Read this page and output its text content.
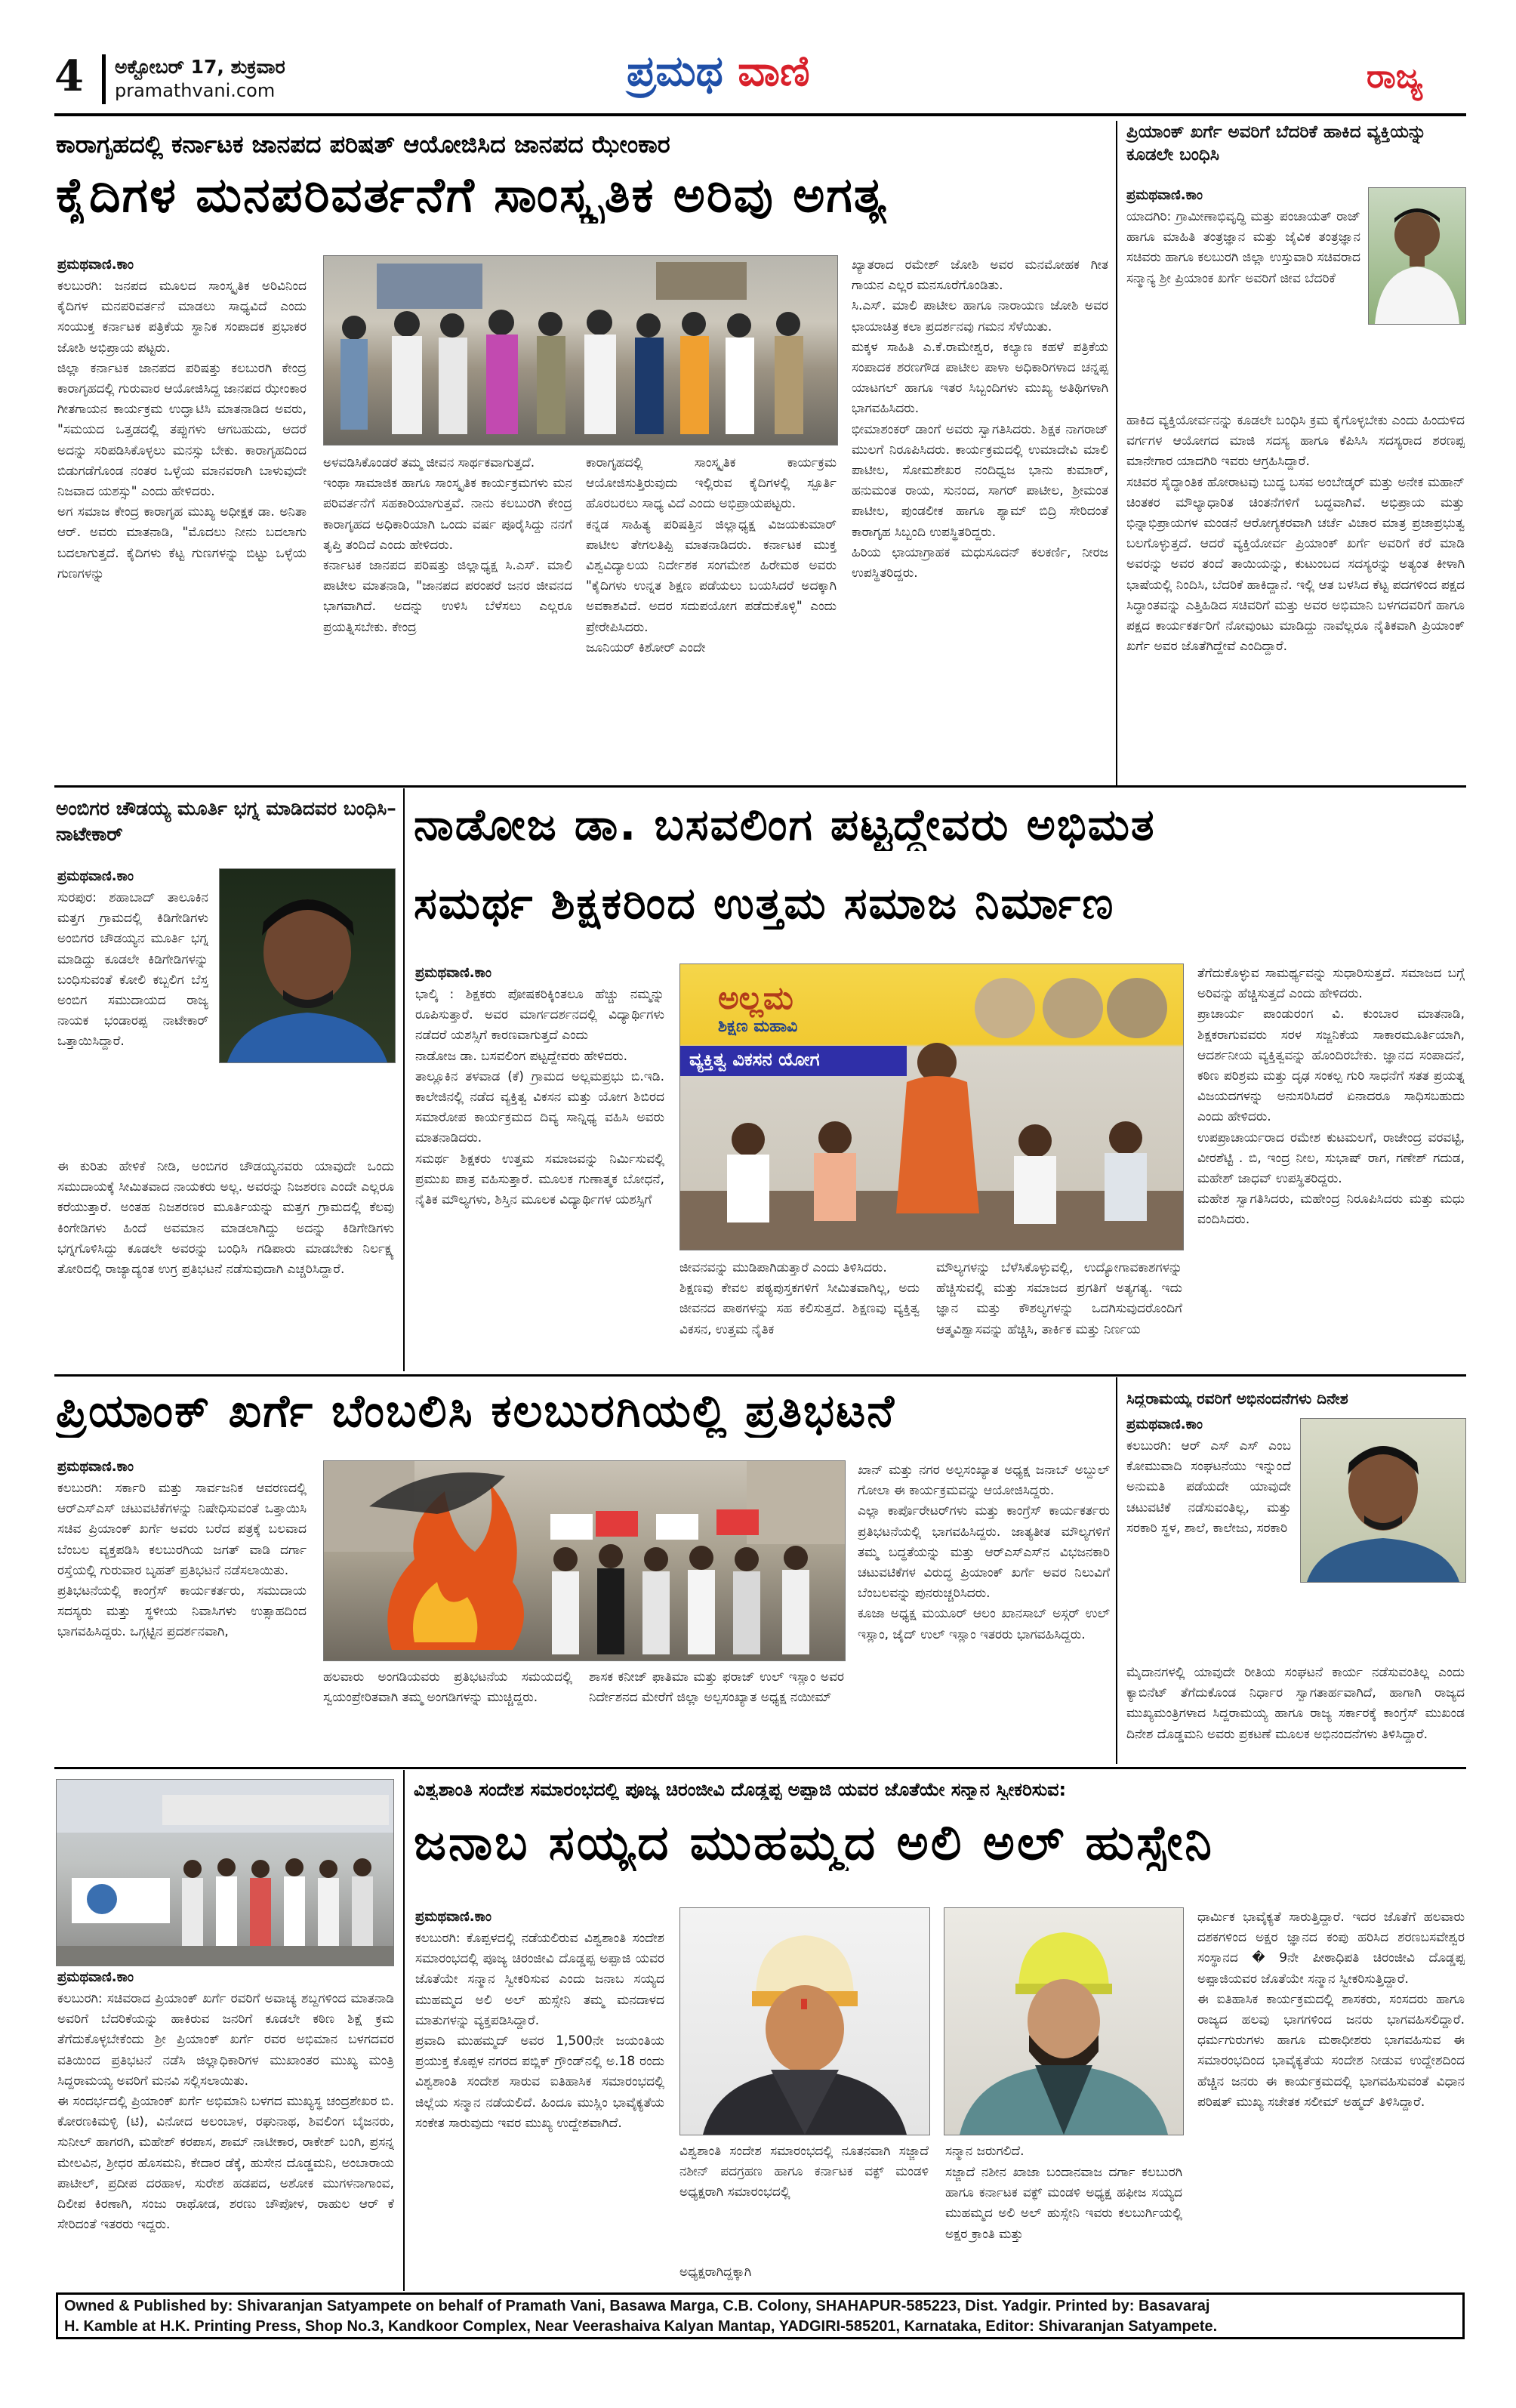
4 ಅಕ್ಟೋಬರ್ 17, ಶುಕ್ರವಾರ
pramathvani.com	ಪ್ರಮಥ ವಾಣಿ	ರಾಜ್ಯ
ಕಾರಾಗೃಹದಲ್ಲಿ ಕರ್ನಾಟಕ ಜಾನಪದ ಪರಿಷತ್ ಆಯೋಜಿಸಿದ ಜಾನಪದ ಝೇಂಕಾರ
ಕೈದಿಗಳ ಮನಪರಿವರ್ತನೆಗೆ ಸಾಂಸ್ಕೃತಿಕ ಅರಿವು ಅಗತ್ಯ
ಪ್ರಮಥವಾಣಿ.ಕಾಂ
ಕಲಬುರಗಿ: ಜನಪದ ಮೂಲದ ಸಾಂಸ್ಕೃತಿಕ ಅರಿವಿನಿಂದ ಕೈದಿಗಳ ಮನಪರಿವರ್ತನೆ ಮಾಡಲು ಸಾಧ್ಯವಿದೆ ಎಂದು ಸಂಯುಕ್ತ ಕರ್ನಾಟಕ ಪತ್ರಿಕೆಯ ಸ್ಥಾನಿಕ ಸಂಪಾದಕ ಪ್ರಭಾಕರ ಜೋಶಿ ಅಭಿಪ್ರಾಯ ಪಟ್ಟರು.
ಜಿಲ್ಲಾ ಕರ್ನಾಟಕ ಜಾನಪದ ಪರಿಷತ್ತು ಕಲಬುರಗಿ ಕೇಂದ್ರ ಕಾರಾಗೃಹದಲ್ಲಿ ಗುರುವಾರ ಆಯೋಜಿಸಿದ್ದ ಜಾನಪದ ಝೇಂಕಾರ ಗೀತಗಾಯನ ಕಾರ್ಯಕ್ರಮ ಉದ್ಘಾಟಿಸಿ ಮಾತನಾಡಿದ ಅವರು, "ಸಮಯದ ಒತ್ತಡದಲ್ಲಿ ತಪ್ಪುಗಳು ಆಗಬಹುದು, ಆದರೆ ಅದನ್ನು ಸರಿಪಡಿಸಿಕೊಳ್ಳಲು ಮನಸ್ಸು ಬೇಕು. ಕಾರಾಗೃಹದಿಂದ ಬಿಡುಗಡೆಗೊಂಡ ನಂತರ ಒಳ್ಳೆಯ ಮಾನವರಾಗಿ ಬಾಳುವುದೇ ನಿಜವಾದ ಯಶಸ್ಸು" ಎಂದು ಹೇಳಿದರು.
ಅಗ ಸಮಾಜ ಕೇಂದ್ರ ಕಾರಾಗೃಹ ಮುಖ್ಯ ಅಧೀಕ್ಷಕ ಡಾ. ಅನಿತಾ ಆರ್. ಅವರು ಮಾತನಾಡಿ, "ಮೊದಲು ನೀನು ಬದಲಾಗು ಬದಲಾಗುತ್ತದೆ. ಕೈದಿಗಳು ಕೆಟ್ಟ ಗುಣಗಳನ್ನು ಬಿಟ್ಟು ಒಳ್ಳೆಯ ಗುಣಗಳನ್ನು
ಅಳವಡಿಸಿಕೊಂಡರೆ ತಮ್ಮ ಜೀವನ ಸಾರ್ಥಕವಾಗುತ್ತದೆ.
ಇಂಥಾ ಸಾಮಾಜಿಕ ಹಾಗೂ ಸಾಂಸ್ಕೃತಿಕ ಕಾರ್ಯಕ್ರಮಗಳು ಮನ ಪರಿವರ್ತನೆಗೆ ಸಹಕಾರಿಯಾಗುತ್ತವೆ. ನಾನು ಕಲಬುರಗಿ ಕೇಂದ್ರ ಕಾರಾಗೃಹದ ಅಧಿಕಾರಿಯಾಗಿ ಒಂದು ವರ್ಷ ಪೂರೈಸಿದ್ದು ನನಗೆ ತೃಪ್ತಿ ತಂದಿದೆ ಎಂದು ಹೇಳಿದರು.
ಕರ್ನಾಟಕ ಜಾನಪದ ಪರಿಷತ್ತು ಜಿಲ್ಲಾಧ್ಯಕ್ಷ ಸಿ.ಎಸ್. ಮಾಲಿ ಪಾಟೀಲ ಮಾತನಾಡಿ, "ಜಾನಪದ ಪರಂಪರೆ ಜನರ ಜೀವನದ ಭಾಗವಾಗಿದೆ. ಅದನ್ನು ಉಳಿಸಿ ಬೆಳೆಸಲು ಎಲ್ಲರೂ ಪ್ರಯತ್ನಿಸಬೇಕು. ಕೇಂದ್ರ
ಕಾರಾಗೃಹದಲ್ಲಿ ಸಾಂಸ್ಕೃತಿಕ ಕಾರ್ಯಕ್ರಮ ಆಯೋಜಿಸುತ್ತಿರುವುದು ಇಲ್ಲಿರುವ ಕೈದಿಗಳಲ್ಲಿ ಸ್ಪೂರ್ತಿ ಹೊರಬರಲು ಸಾಧ್ಯ ವಿದೆ ಎಂದು ಅಭಿಪ್ರಾಯಪಟ್ಟರು.
ಕನ್ನಡ ಸಾಹಿತ್ಯ ಪರಿಷತ್ತಿನ ಜಿಲ್ಲಾಧ್ಯಕ್ಷ ವಿಜಯಕುಮಾರ್ ಪಾಟೀಲ ತೇಗಲತಿಪ್ಪಿ ಮಾತನಾಡಿದರು. ಕರ್ನಾಟಕ ಮುಕ್ತ ವಿಶ್ವವಿದ್ಯಾಲಯ ನಿರ್ದೇಶಕ ಸಂಗಮೇಶ ಹಿರೇಮಠ ಅವರು "ಕೈದಿಗಳು ಉನ್ನತ ಶಿಕ್ಷಣ ಪಡೆಯಲು ಬಯಸಿದರೆ ಅದಕ್ಕಾಗಿ ಅವಕಾಶವಿದೆ. ಅದರ ಸದುಪಯೋಗ ಪಡೆದುಕೊಳ್ಳಿ" ಎಂದು ಪ್ರೇರೇಪಿಸಿದರು.
ಜೂನಿಯರ್ ಕಿಶೋರ್ ಎಂದೇ
ಖ್ಯಾತರಾದ ರಮೇಶ್ ಜೋಶಿ ಅವರ ಮನಮೋಹಕ ಗೀತ ಗಾಯನ ಎಲ್ಲರ ಮನಸೂರೆಗೊಂಡಿತು.
ಸಿ.ಎಸ್. ಮಾಲಿ ಪಾಟೀಲ ಹಾಗೂ ನಾರಾಯಣ ಜೋಶಿ ಅವರ ಛಾಯಾಚಿತ್ರ ಕಲಾ ಪ್ರದರ್ಶನವು ಗಮನ ಸೆಳೆಯಿತು.
ಮಕ್ಕಳ ಸಾಹಿತಿ ಎ.ಕೆ.ರಾಮೇಶ್ವರ, ಕಲ್ಯಾಣ ಕಹಳೆ ಪತ್ರಿಕೆಯ ಸಂಪಾದಕ ಶರಣಗೌಡ ಪಾಟೀಲ ಪಾಳಾ ಅಧಿಕಾರಿಗಳಾದ ಚನ್ನಪ್ಪ ಯಾಟಗಲ್ ಹಾಗೂ ಇತರ ಸಿಬ್ಬಂದಿಗಳು ಮುಖ್ಯ ಅತಿಥಿಗಳಾಗಿ ಭಾಗವಹಿಸಿದರು.
ಭೀಮಾಶಂಕರ್ ಡಾಂಗೆ ಅವರು ಸ್ವಾಗತಿಸಿದರು. ಶಿಕ್ಷಕ ನಾಗರಾಜ್ ಮುಲಗೆ ನಿರೂಪಿಸಿದರು. ಕಾರ್ಯಕ್ರಮದಲ್ಲಿ ಉಮಾದೇವಿ ಮಾಲಿ ಪಾಟೀಲ, ಸೋಮಶೇಖರ ನಂದಿಧ್ವಜ ಭಾನು ಕುಮಾರ್, ಹನುಮಂತ ರಾಯ, ಸುನಂದ, ಸಾಗರ್ ಪಾಟೀಲ, ಶ್ರೀಮಂತ ಪಾಟೀಲ, ಪುಂಡಲೀಕ ಹಾಗೂ ಶ್ಯಾಮ್ ಬಿದ್ರಿ ಸೇರಿದಂತೆ ಕಾರಾಗೃಹ ಸಿಬ್ಬಂದಿ ಉಪಸ್ಥಿತರಿದ್ದರು.
ಹಿರಿಯ ಛಾಯಾಗ್ರಾಹಕ ಮಧುಸೂದನ್ ಕಲಕರ್ಣಿ, ನೀರಜ ಉಪಸ್ಥಿತರಿದ್ದರು.
ಪ್ರಿಯಾಂಕ್ ಖರ್ಗೆ ಅವರಿಗೆ ಬೆದರಿಕೆ ಹಾಕಿದ ವ್ಯಕ್ತಿಯನ್ನು ಕೂಡಲೇ ಬಂಧಿಸಿ
ಪ್ರಮಥವಾಣಿ.ಕಾಂ
ಯಾದಗಿರಿ: ಗ್ರಾಮೀಣಾಭಿವೃದ್ಧಿ ಮತ್ತು ಪಂಚಾಯತ್ ರಾಜ್ ಹಾಗೂ ಮಾಹಿತಿ ತಂತ್ರಜ್ಞಾನ ಮತ್ತು ಜೈವಿಕ ತಂತ್ರಜ್ಞಾನ ಸಚಿವರು ಹಾಗೂ ಕಲಬುರಗಿ ಜಿಲ್ಲಾ ಉಸ್ತುವಾರಿ ಸಚಿವರಾದ ಸನ್ಮಾನ್ಯ ಶ್ರೀ ಪ್ರಿಯಾಂಕ ಖರ್ಗೆ ಅವರಿಗೆ ಜೀವ ಬೆದರಿಕೆ
ಹಾಕಿದ ವ್ಯಕ್ತಿಯೋರ್ವನನ್ನು ಕೂಡಲೇ ಬಂಧಿಸಿ ಕ್ರಮ ಕೈಗೊಳ್ಳಬೇಕು ಎಂದು ಹಿಂದುಳಿದ ವರ್ಗಗಳ ಆಯೋಗದ ಮಾಜಿ ಸದಸ್ಯ ಹಾಗೂ ಕೆಪಿಸಿಸಿ ಸದಸ್ಯರಾದ ಶರಣಪ್ಪ ಮಾನೇಗಾರ ಯಾದಗಿರಿ ಇವರು ಆಗ್ರಹಿಸಿದ್ದಾರೆ.
ಸಚಿವರ ಸೈದ್ಧಾಂತಿಕ ಹೋರಾಟವು ಬುದ್ಧ ಬಸವ ಅಂಬೇಡ್ಕರ್ ಮತ್ತು ಅನೇಕ ಮಹಾನ್ ಚಿಂತಕರ ಮೌಲ್ಯಾಧಾರಿತ ಚಿಂತನೆಗಳಿಗೆ ಬದ್ಧವಾಗಿವೆ. ಅಭಿಪ್ರಾಯ ಮತ್ತು ಭಿನ್ನಾಭಿಪ್ರಾಯಗಳ ಮಂಡನೆ ಆರೋಗ್ಯಕರವಾಗಿ ಚರ್ಚೆ ವಿಚಾರ ಮಾತ್ರ ಪ್ರಜಾಪ್ರಭುತ್ವ ಬಲಗೊಳ್ಳುತ್ತದೆ. ಆದರೆ ವ್ಯಕ್ತಿಯೋರ್ವ ಪ್ರಿಯಾಂಕ್ ಖರ್ಗೆ ಅವರಿಗೆ ಕರೆ ಮಾಡಿ ಅವರನ್ನು ಅವರ ತಂದೆ ತಾಯಿಯನ್ನು, ಕುಟುಂಬದ ಸದಸ್ಯರನ್ನು ಅತ್ಯಂತ ಕೀಳಾಗಿ ಭಾಷೆಯಲ್ಲಿ ನಿಂದಿಸಿ, ಬೆದರಿಕೆ ಹಾಕಿದ್ದಾನೆ. ಇಲ್ಲಿ ಆತ ಬಳಸಿದ ಕೆಟ್ಟ ಪದಗಳಿಂದ ಪಕ್ಷದ ಸಿದ್ಧಾಂತವನ್ನು ಎತ್ತಿಹಿಡಿದ ಸಚಿವರಿಗೆ ಮತ್ತು ಅವರ ಅಭಿಮಾನಿ ಬಳಗದವರಿಗೆ ಹಾಗೂ ಪಕ್ಷದ ಕಾರ್ಯಕರ್ತರಿಗೆ ನೋವುಂಟು ಮಾಡಿದ್ದು ನಾವೆಲ್ಲರೂ ನೈತಿಕವಾಗಿ ಪ್ರಿಯಾಂಕ್ ಖರ್ಗೆ ಅವರ ಜೊತೆಗಿದ್ದೇವೆ ಎಂದಿದ್ದಾರೆ.
ಅಂಬಿಗರ ಚೌಡಯ್ಯ ಮೂರ್ತಿ ಭಗ್ನ ಮಾಡಿದವರ ಬಂಧಿಸಿ–ನಾಟೇಕಾರ್
ಪ್ರಮಥವಾಣಿ.ಕಾಂ
ಸುರಪುರ: ಶಹಾಬಾದ್ ತಾಲೂಕಿನ ಮತ್ತಗ ಗ್ರಾಮದಲ್ಲಿ ಕಿಡಿಗೇಡಿಗಳು ಅಂಬಿಗರ ಚೌಡಯ್ಯನ ಮೂರ್ತಿ ಭಗ್ನ ಮಾಡಿದ್ದು ಕೂಡಲೇ ಕಿಡಿಗೇಡಿಗಳನ್ನು ಬಂಧಿಸುವಂತೆ ಕೋಲಿ ಕಬ್ಬಲಿಗ ಬೆಸ್ತ ಅಂಬಿಗ ಸಮುದಾಯದ ರಾಜ್ಯ ನಾಯಕ ಭಂಡಾರಪ್ಪ ನಾಟೇಕಾರ್ ಒತ್ತಾಯಿಸಿದ್ದಾರೆ.
ಈ ಕುರಿತು ಹೇಳಿಕೆ ನೀಡಿ, ಅಂಬಿಗರ ಚೌಡಯ್ಯನವರು ಯಾವುದೇ ಒಂದು ಸಮುದಾಯಕ್ಕೆ ಸೀಮಿತವಾದ ನಾಯಕರು ಅಲ್ಲ. ಅವರನ್ನು ನಿಜಶರಣ ಎಂದೇ ಎಲ್ಲರೂ ಕರೆಯುತ್ತಾರೆ. ಅಂತಹ ನಿಜಶರಣರ ಮೂರ್ತಿಯನ್ನು ಮತ್ತಗ ಗ್ರಾಮದಲ್ಲಿ ಕೆಲವು ಕಿಂಗೇಡಿಗಳು ಹಿಂದೆ ಅವಮಾನ ಮಾಡಲಾಗಿದ್ದು ಅದನ್ನು ಕಿಡಿಗೇಡಿಗಳು ಭಗ್ನಗೊಳಿಸಿದ್ದು ಕೂಡಲೇ ಅವರನ್ನು ಬಂಧಿಸಿ ಗಡಿಪಾರು ಮಾಡಬೇಕು ನಿರ್ಲಕ್ಷ್ಯ ತೋರಿದಲ್ಲಿ ರಾಜ್ಯಾದ್ಯಂತ ಉಗ್ರ ಪ್ರತಿಭಟನೆ ನಡೆಸುವುದಾಗಿ ಎಚ್ಚರಿಸಿದ್ದಾರೆ.
ನಾಡೋಜ ಡಾ. ಬಸವಲಿಂಗ ಪಟ್ಟದ್ದೇವರು ಅಭಿಮತ
ಸಮರ್ಥ ಶಿಕ್ಷಕರಿಂದ ಉತ್ತಮ ಸಮಾಜ ನಿರ್ಮಾಣ
ಪ್ರಮಥವಾಣಿ.ಕಾಂ
ಭಾಲ್ಕಿ : ಶಿಕ್ಷಕರು ಪೋಷಕರಿಕ್ಕಿಂತಲೂ ಹೆಚ್ಚು ನಮ್ಮನ್ನು ರೂಪಿಸುತ್ತಾರೆ. ಅವರ ಮಾರ್ಗದರ್ಶನದಲ್ಲಿ ವಿದ್ಯಾರ್ಥಿಗಳು ನಡೆದರೆ ಯಶಸ್ಸಿಗೆ ಕಾರಣವಾಗುತ್ತದೆ ಎಂದು
ನಾಡೋಜ ಡಾ. ಬಸವಲಿಂಗ ಪಟ್ಟದ್ದೇವರು ಹೇಳಿದರು.
ತಾಲ್ಲೂಕಿನ ತಳವಾಡ (ಕೆ) ಗ್ರಾಮದ ಅಲ್ಲಮಪ್ರಭು ಬಿ.ಇಡಿ. ಕಾಲೇಜಿನಲ್ಲಿ ನಡೆದ ವ್ಯಕ್ತಿತ್ವ ವಿಕಸನ ಮತ್ತು ಯೋಗ ಶಿಬಿರದ ಸಮಾರೋಪ ಕಾರ್ಯಕ್ರಮದ ದಿವ್ಯ ಸಾನ್ನಿಧ್ಯ ವಹಿಸಿ ಅವರು ಮಾತನಾಡಿದರು.
ಸಮರ್ಥ ಶಿಕ್ಷಕರು ಉತ್ತಮ ಸಮಾಜವನ್ನು ನಿರ್ಮಿಸುವಲ್ಲಿ ಪ್ರಮುಖ ಪಾತ್ರ ವಹಿಸುತ್ತಾರೆ. ಮೂಲಕ ಗುಣಾತ್ಮಕ ಬೋಧನೆ, ನೈತಿಕ ಮೌಲ್ಯಗಳು, ಶಿಸ್ತಿನ ಮೂಲಕ ವಿದ್ಯಾರ್ಥಿಗಳ ಯಶಸ್ಸಿಗೆ
ಅಲ್ಲಮ
ಶಿಕ್ಷಣ ಮಹಾವಿ
ವ್ಯಕ್ತಿತ್ವ ವಿಕಸನ ಯೋಗ
ಜೀವನವನ್ನು ಮುಡಿಪಾಗಿಡುತ್ತಾರೆ ಎಂದು ತಿಳಿಸಿದರು.
ಶಿಕ್ಷಣವು ಕೇವಲ ಪಠ್ಯಪುಸ್ತಕಗಳಿಗೆ ಸೀಮಿತವಾಗಿಲ್ಲ, ಅದು ಜೀವನದ ಪಾಠಗಳನ್ನು ಸಹ ಕಲಿಸುತ್ತದೆ. ಶಿಕ್ಷಣವು ವ್ಯಕ್ತಿತ್ವ ವಿಕಸನ, ಉತ್ತಮ ನೈತಿಕ
ಮೌಲ್ಯಗಳನ್ನು ಬೆಳೆಸಿಕೊಳ್ಳುವಲ್ಲಿ, ಉದ್ಯೋಗಾವಕಾಶಗಳನ್ನು ಹೆಚ್ಚಿಸುವಲ್ಲಿ ಮತ್ತು ಸಮಾಜದ ಪ್ರಗತಿಗೆ ಅತ್ಯಗತ್ಯ. ಇದು ಜ್ಞಾನ ಮತ್ತು ಕೌಶಲ್ಯಗಳನ್ನು ಒದಗಿಸುವುದರೊಂದಿಗೆ ಆತ್ಮವಿಶ್ವಾಸವನ್ನು ಹೆಚ್ಚಿಸಿ, ತಾರ್ಕಿಕ ಮತ್ತು ನಿರ್ಣಯ
ತೆಗೆದುಕೊಳ್ಳುವ ಸಾಮರ್ಥ್ಯವನ್ನು ಸುಧಾರಿಸುತ್ತದೆ. ಸಮಾಜದ ಬಗ್ಗೆ ಅರಿವನ್ನು ಹೆಚ್ಚಿಸುತ್ತದೆ ಎಂದು ಹೇಳಿದರು.
ಪ್ರಾಚಾರ್ಯ ಪಾಂಡುರಂಗ ವಿ. ಕುಂಬಾರ ಮಾತನಾಡಿ, ಶಿಕ್ಷಕರಾಗುವವರು ಸರಳ ಸಜ್ಜನಿಕೆಯ ಸಾಕಾರಮೂರ್ತಿಯಾಗಿ, ಆದರ್ಶನೀಯ ವ್ಯಕ್ತಿತ್ವವನ್ನು ಹೊಂದಿರಬೇಕು. ಜ್ಞಾನದ ಸಂಪಾದನೆ, ಕಠಿಣ ಪರಿಶ್ರಮ ಮತ್ತು ದೃಢ ಸಂಕಲ್ಪ ಗುರಿ ಸಾಧನೆಗೆ ಸತತ ಪ್ರಯತ್ನ ವಿಜಯದಗಳನ್ನು ಅನುಸರಿಸಿದರೆ ಏನಾದರೂ ಸಾಧಿಸಬಹುದು ಎಂದು ಹೇಳಿದರು.
ಉಪಪ್ರಾಚಾರ್ಯರಾದ ರಮೇಶ ಕುಟಮಲಗೆ, ರಾಜೇಂದ್ರ ವರವಟ್ಟಿ, ವೀರಶೆಟ್ಟಿ . ಬಿ, ಇಂದ್ರ ನೀಲ, ಸುಭಾಷ್ ರಾಗ, ಗಣೇಶ್ ಗದುಡ, ಮಹೇಶ್ ಜಾಧವ್ ಉಪಸ್ಥಿತರಿದ್ದರು.
ಮಹೇಶ ಸ್ವಾಗತಿಸಿದರು, ಮಹೇಂದ್ರ ನಿರೂಪಿಸಿದರು ಮತ್ತು ಮಧು ವಂದಿಸಿದರು.
ಪ್ರಿಯಾಂಕ್ ಖರ್ಗೆ ಬೆಂಬಲಿಸಿ ಕಲಬುರಗಿಯಲ್ಲಿ ಪ್ರತಿಭಟನೆ
ಪ್ರಮಥವಾಣಿ.ಕಾಂ
ಕಲಬುರಗಿ: ಸರ್ಕಾರಿ ಮತ್ತು ಸಾರ್ವಜನಿಕ ಆವರಣದಲ್ಲಿ ಆರ್‌ಎಸ್‌ಎಸ್ ಚಟುವಟಿಕೆಗಳನ್ನು ನಿಷೇಧಿಸುವಂತೆ ಒತ್ತಾಯಿಸಿ ಸಚಿವ ಪ್ರಿಯಾಂಕ್ ಖರ್ಗೆ ಅವರು ಬರೆದ ಪತ್ರಕ್ಕೆ ಬಲವಾದ ಬೆಂಬಲ ವ್ಯಕ್ತಪಡಿಸಿ ಕಲಬುರಗಿಯ ಜಗತ್ ವಾಡಿ ದರ್ಗಾ ರಸ್ತೆಯಲ್ಲಿ ಗುರುವಾರ ಬೃಹತ್ ಪ್ರತಿಭಟನೆ ನಡೆಸಲಾಯಿತು.
ಪ್ರತಿಭಟನೆಯಲ್ಲಿ ಕಾಂಗ್ರೆಸ್ ಕಾರ್ಯಕರ್ತರು, ಸಮುದಾಯ ಸದಸ್ಯರು ಮತ್ತು ಸ್ಥಳೀಯ ನಿವಾಸಿಗಳು ಉತ್ಸಾಹದಿಂದ ಭಾಗವಹಿಸಿದ್ದರು. ಒಗ್ಗಟ್ಟಿನ ಪ್ರದರ್ಶನವಾಗಿ,
ಹಲವಾರು ಅಂಗಡಿಯವರು ಪ್ರತಿಭಟನೆಯ ಸಮಯದಲ್ಲಿ ಸ್ವಯಂಪ್ರೇರಿತವಾಗಿ ತಮ್ಮ ಅಂಗಡಿಗಳನ್ನು ಮುಚ್ಚಿದ್ದರು.
ಶಾಸಕ ಕನೀಜ್ ಫಾತಿಮಾ ಮತ್ತು ಫರಾಜ್ ಉಲ್ ಇಸ್ಲಾಂ ಅವರ ನಿರ್ದೇಶನದ ಮೇರೆಗೆ ಜಿಲ್ಲಾ ಅಲ್ಪಸಂಖ್ಯಾತ ಅಧ್ಯಕ್ಷ ನಯೀಮ್
ಖಾನ್ ಮತ್ತು ನಗರ ಅಲ್ಪಸಂಖ್ಯಾತ ಅಧ್ಯಕ್ಷ ಜನಾಬ್ ಅಬ್ದುಲ್ ಗೋಲಾ ಈ ಕಾರ್ಯಕ್ರಮವನ್ನು ಆಯೋಜಿಸಿದ್ದರು.
ಎಲ್ಲಾ ಕಾರ್ಪೊರೇಟರ್‌ಗಳು ಮತ್ತು ಕಾಂಗ್ರೆಸ್ ಕಾರ್ಯಕರ್ತರು ಪ್ರತಿಭಟನೆಯಲ್ಲಿ ಭಾಗವಹಿಸಿದ್ದರು. ಜಾತ್ಯತೀತ ಮೌಲ್ಯಗಳಿಗೆ ತಮ್ಮ ಬದ್ಧತೆಯನ್ನು ಮತ್ತು ಆರ್‌ಎಸ್‌ಎಸ್‌ನ ವಿಭಜನಕಾರಿ ಚಟುವಟಿಕೆಗಳ ವಿರುದ್ಧ ಪ್ರಿಯಾಂಕ್ ಖರ್ಗೆ ಅವರ ನಿಲುವಿಗೆ ಬೆಂಬಲವನ್ನು ಪುನರುಚ್ಚರಿಸಿದರು.
ಕೂಜಾ ಅಧ್ಯಕ್ಷ ಮಯೂರ್ ಆಲಂ ಖಾನಸಾಬ್ ಅಸ್ಗರ್ ಉಲ್ ಇಸ್ಲಾಂ, ಜೈದ್ ಉಲ್ ಇಸ್ಲಾಂ ಇತರರು ಭಾಗವಹಿಸಿದ್ದರು.
ಸಿದ್ದರಾಮಯ್ಯ ರವರಿಗೆ ಅಭಿನಂದನೆಗಳು ದಿನೇಶ
ಪ್ರಮಥವಾಣಿ.ಕಾಂ
ಕಲಬುರಗಿ: ಆರ್ ಎಸ್ ಎಸ್ ಎಂಬ ಕೋಮುವಾದಿ ಸಂಘಟನೆಯು ಇನ್ನುಂದೆ ಅನುಮತಿ ಪಡೆಯದೇ ಯಾವುದೇ ಚಟುವಟಿಕೆ ನಡೆಸುವಂತಿಲ್ಲ, ಮತ್ತು ಸರಕಾರಿ ಸ್ಥಳ, ಶಾಲೆ, ಕಾಲೇಜು, ಸರಕಾರಿ
ಮೈದಾನಗಳಲ್ಲಿ ಯಾವುದೇ ರೀತಿಯ ಸಂಘಟನೆ ಕಾರ್ಯ ನಡೆಸುವಂತಿಲ್ಲ ಎಂದು ಕ್ಯಾಬಿನೆಟ್ ತೆಗೆದುಕೊಂಡ ನಿರ್ಧಾರ ಸ್ವಾಗತಾರ್ಹವಾಗಿದೆ, ಹಾಗಾಗಿ ರಾಜ್ಯದ ಮುಖ್ಯಮಂತ್ರಿಗಳಾದ ಸಿದ್ದರಾಮಯ್ಯ ಹಾಗೂ ರಾಜ್ಯ ಸರ್ಕಾರಕ್ಕೆ ಕಾಂಗ್ರೆಸ್ ಮುಖಂಡ ದಿನೇಶ ದೊಡ್ಡಮನಿ ಅವರು ಪ್ರಕಟಣೆ ಮೂಲಕ ಅಭಿನಂದನೆಗಳು ತಿಳಿಸಿದ್ದಾರೆ.
ಪ್ರಮಥವಾಣಿ.ಕಾಂ
ಕಲಬುರಗಿ: ಸಚಿವರಾದ ಪ್ರಿಯಾಂಕ್ ಖರ್ಗೆ ರವರಿಗೆ ಅವಾಚ್ಯ ಶಬ್ದಗಳಿಂದ ಮಾತನಾಡಿ ಅವರಿಗೆ ಬೆದರಿಕೆಯನ್ನು ಹಾಕಿರುವ ಜನರಿಗೆ ಕೂಡಲೇ ಕಠಿಣ ಶಿಕ್ಷೆ ಕ್ರಮ ತೆಗೆದುಕೊಳ್ಳಬೇಕೆಂದು ಶ್ರೀ ಪ್ರಿಯಾಂಕ್ ಖರ್ಗೆ ರವರ ಅಭಿಮಾನ ಬಳಗದವರ ವತಿಯಿಂದ ಪ್ರತಿಭಟನೆ ನಡೆಸಿ ಜಿಲ್ಲಾಧಿಕಾರಿಗಳ ಮುಖಾಂತರ ಮುಖ್ಯ ಮಂತ್ರಿ ಸಿದ್ದರಾಮಯ್ಯ ಅವರಿಗೆ ಮನವಿ ಸಲ್ಲಿಸಲಾಯಿತು.
ಈ ಸಂದರ್ಭದಲ್ಲಿ ಪ್ರಿಯಾಂಕ್ ಖರ್ಗೆ ಅಭಿಮಾನಿ ಬಳಗದ ಮುಖ್ಯಸ್ಥ ಚಂದ್ರಶೇಖರ ಬಿ. ಕೋರಣಕಿಮಳ್ಳಿ (ಟಿ), ವಿನೋದ ಅಲಂಬಾಳ, ರಘುನಾಥ, ಶಿವಲಿಂಗ ಬೈಜನರು, ಸುನೀಲ್ ಹಾಗರಗಿ, ಮಹೇಶ್ ಕರಪಾಸ, ಶಾಮ್ ನಾಟೀಕಾರ, ರಾಕೇಶ್ ಬಂಗಿ, ಪ್ರಸನ್ನ ಮೇಲವಿನ, ಶ್ರೀಧರ ಹೊಸಮನಿ, ಕೇದಾರ ಡೆಕ್ಕೆ, ಹುಸೇನ ದೊಡ್ಡಮನಿ, ಅಂಬಾರಾಯ ಪಾಟೀಲ್, ಪ್ರದೀಪ ದರಹಾಳ, ಸುರೇಶ ಹಡಪದ, ಅಶೋಕ ಮುಗಳನಾಗಾಂವ, ದಿಲೀಪ ಕಿರಣಾಗಿ, ಸಂಜು ರಾಥೋಡ, ಶರಣು ಚೌಪೋಳ, ರಾಹುಲ ಆರ್ ಕೆ ಸೇರಿದಂತೆ ಇತರರು ಇದ್ದರು.
ವಿಶ್ವಶಾಂತಿ ಸಂದೇಶ ಸಮಾರಂಭದಲ್ಲಿ ಪೂಜ್ಯ ಚಿರಂಜೀವಿ ದೊಡ್ಡಪ್ಪ ಅಪ್ಪಾಜಿ ಯವರ ಜೊತೆಯೇ ಸನ್ಮಾನ ಸ್ವೀಕರಿಸುವ:
ಜನಾಬ ಸಯ್ಯದ ಮುಹಮ್ಮದ ಅಲಿ ಅಲ್ ಹುಸ್ಸೇನಿ
ಪ್ರಮಥವಾಣಿ.ಕಾಂ
ಕಲಬುರಗಿ: ಕೊಪ್ಪಳದಲ್ಲಿ ನಡೆಯಲಿರುವ ವಿಶ್ವಶಾಂತಿ ಸಂದೇಶ ಸಮಾರಂಭದಲ್ಲಿ ಪೂಜ್ಯ ಚಿರಂಜೀವಿ ದೊಡ್ಡಪ್ಪ ಅಪ್ಪಾಜಿ ಯವರ ಜೊತೆಯೇ ಸನ್ಮಾನ ಸ್ವೀಕರಿಸುವ ಎಂದು ಜನಾಬ ಸಯ್ಯದ ಮುಹಮ್ಮದ ಅಲಿ ಅಲ್ ಹುಸ್ಸೇನಿ ತಮ್ಮ ಮನದಾಳದ ಮಾತುಗಳನ್ನು ವ್ಯಕ್ತಪಡಿಸಿದ್ದಾರೆ.
ಪ್ರವಾದಿ ಮುಹಮ್ಮದ್ ಅವರ 1,500ನೇ ಜಯಂತಿಯ ಪ್ರಯುಕ್ತ ಕೊಪ್ಪಳ ನಗರದ ಪಬ್ಲಿಕ್ ಗ್ರೌಂಡ್‌ನಲ್ಲಿ ಅ.18 ರಂದು ವಿಶ್ವಶಾಂತಿ ಸಂದೇಶ ಸಾರುವ ಐತಿಹಾಸಿಕ ಸಮಾರಂಭದಲ್ಲಿ ಜಿಲ್ಲೆಯ ಸನ್ಮಾನ ನಡೆಯಲಿದೆ. ಹಿಂದೂ ಮುಸ್ಲಿಂ ಭಾವೈಕ್ಯತೆಯ ಸಂಕೇತ ಸಾರುವುದು ಇವರ ಮುಖ್ಯ ಉದ್ದೇಶವಾಗಿದೆ.
ವಿಶ್ವಶಾಂತಿ ಸಂದೇಶ ಸಮಾರಂಭದಲ್ಲಿ ನೂತನವಾಗಿ ಸಜ್ಜಾದೆ ನಶೀನ್ ಪದಗ್ರಹಣ ಹಾಗೂ ಕರ್ನಾಟಕ ವಕ್ಫ್ ಮಂಡಳಿ ಅಧ್ಯಕ್ಷರಾಗಿ ಸಮಾರಂಭದಲ್ಲಿ
ಅಧ್ಯಕ್ಷರಾಗಿದ್ದಕ್ಕಾಗಿ
ಸನ್ಮಾನ ಜರುಗಲಿದೆ.
ಸಜ್ಜಾದೆ ನಶೀನ ಖಾಜಾ ಬಂದಾನವಾಜ ದರ್ಗಾ ಕಲಬುರಗಿ ಹಾಗೂ ಕರ್ನಾಟಕ ವಕ್ಫ್ ಮಂಡಳಿ ಅಧ್ಯಕ್ಷ ಹಫೀಜ ಸಯ್ಯದ ಮುಹಮ್ಮದ ಅಲಿ ಅಲ್ ಹುಸ್ಸೇನಿ ಇವರು ಕಲಬುರ್ಗಿಯಲ್ಲಿ ಅಕ್ಷರ ಕ್ರಾಂತಿ ಮತ್ತು
ಧಾರ್ಮಿಕ ಭಾವೈಕ್ಯತೆ ಸಾರುತ್ತಿದ್ದಾರೆ. ಇದರ ಜೊತೆಗೆ ಹಲವಾರು ದಶಕಗಳಿಂದ ಅಕ್ಷರ ಜ್ಞಾನದ ಕಂಪು ಹರಿಸಿದ ಶರಣಬಸವೇಶ್ವರ ಸಂಸ್ಥಾನದ � 9ನೇ ಪೀಠಾಧಿಪತಿ ಚಿರಂಜೀವಿ ದೊಡ್ಡಪ್ಪ ಅಪ್ಪಾಜಿಯವರ ಜೊತೆಯೇ ಸನ್ಮಾನ ಸ್ವೀಕರಿಸುತ್ತಿದ್ದಾರೆ.
ಈ ಐತಿಹಾಸಿಕ ಕಾರ್ಯಕ್ರಮದಲ್ಲಿ ಶಾಸಕರು, ಸಂಸದರು ಹಾಗೂ ರಾಜ್ಯದ ಹಲವು ಭಾಗಗಳಿಂದ ಜನರು ಭಾಗವಹಿಸಲಿದ್ದಾರೆ. ಧರ್ಮಗುರುಗಳು ಹಾಗೂ ಮಠಾಧೀಶರು ಭಾಗವಹಿಸುವ ಈ ಸಮಾರಂಭದಿಂದ ಭಾವೈಕ್ಯತೆಯ ಸಂದೇಶ ನೀಡುವ ಉದ್ದೇಶದಿಂದ ಹೆಚ್ಚಿನ ಜನರು ಈ ಕಾರ್ಯಕ್ರಮದಲ್ಲಿ ಭಾಗವಹಿಸುವಂತೆ ವಿಧಾನ ಪರಿಷತ್ ಮುಖ್ಯ ಸಚೇತಕ ಸಲೀಮ್ ಅಹ್ಮದ್ ತಿಳಿಸಿದ್ದಾರೆ.
Owned & Published by: Shivaranjan Satyampete on behalf of Pramath Vani, Basawa Marga, C.B. Colony, SHAHAPUR-585223, Dist. Yadgir. Printed by: Basavaraj
H. Kamble at H.K. Printing Press, Shop No.3, Kandkoor Complex, Near Veerashaiva Kalyan Mantap, YADGIRI-585201, Karnataka, Editor: Shivaranjan Satyampete.
